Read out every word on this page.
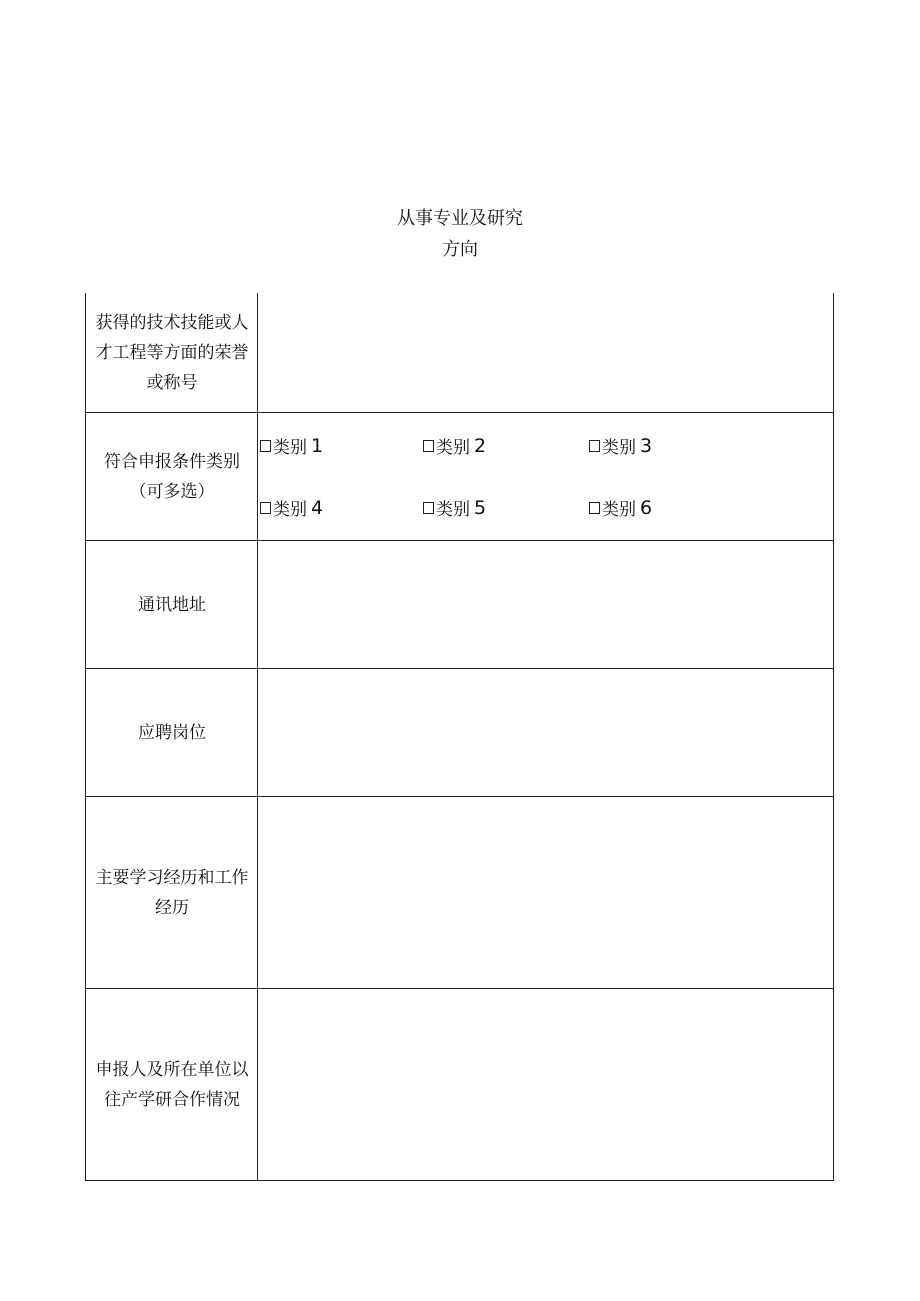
从事专业及研究
方向
获得的技术技能或人
才工程等方面的荣誉
或称号
符合申报条件类别
（可多选）
类别 1	类别 2	类别 3
类别 4	类别 5	类别 6
通讯地址
应聘岗位
主要学习经历和工作
经历
申报人及所在单位以
往产学研合作情况
